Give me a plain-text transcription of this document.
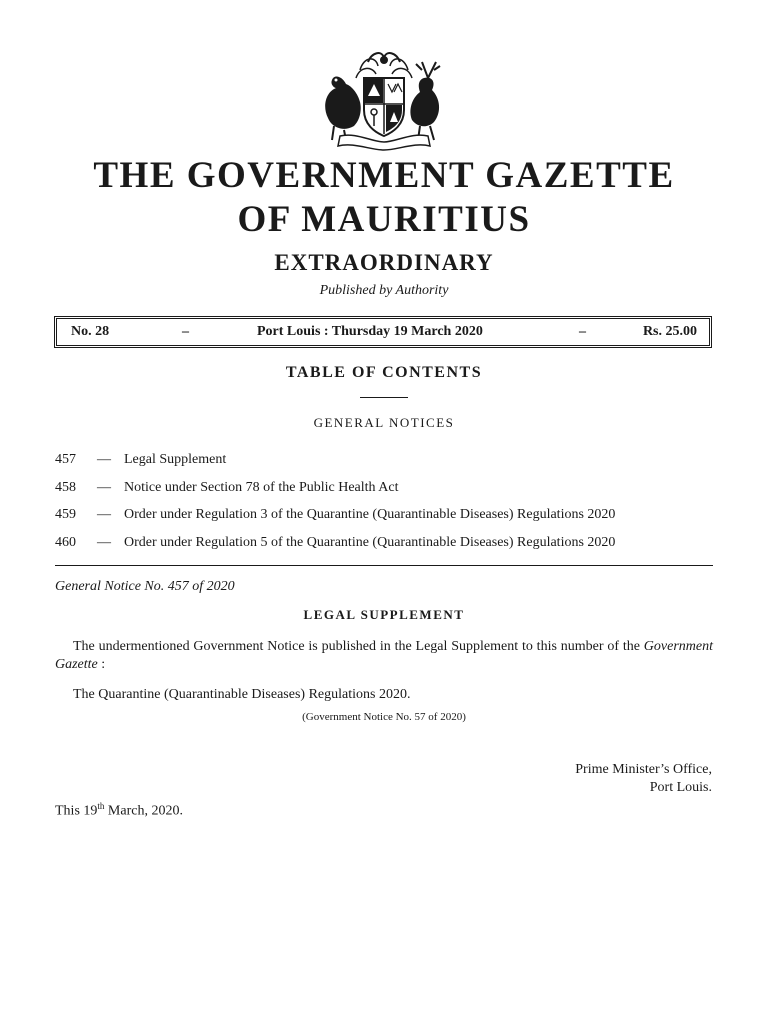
THE GOVERNMENT GAZETTE
OF MAURITIUS
EXTRAORDINARY
Published by Authority
No. 28	–	Port Louis : Thursday 19 March 2020	–	Rs. 25.00
TABLE OF CONTENTS
GENERAL NOTICES
457 — Legal Supplement
458 — Notice under Section 78 of the Public Health Act
459 — Order under Regulation 3 of the Quarantine (Quarantinable Diseases) Regulations 2020
460 — Order under Regulation 5 of the Quarantine (Quarantinable Diseases) Regulations 2020
General Notice No. 457 of 2020
LEGAL SUPPLEMENT
The undermentioned Government Notice is published in the Legal Supplement to this number of the Government Gazette :
The Quarantine (Quarantinable Diseases) Regulations 2020.
(Government Notice No. 57 of 2020)
Prime Minister’s Office,
Port Louis.
This 19th March, 2020.
